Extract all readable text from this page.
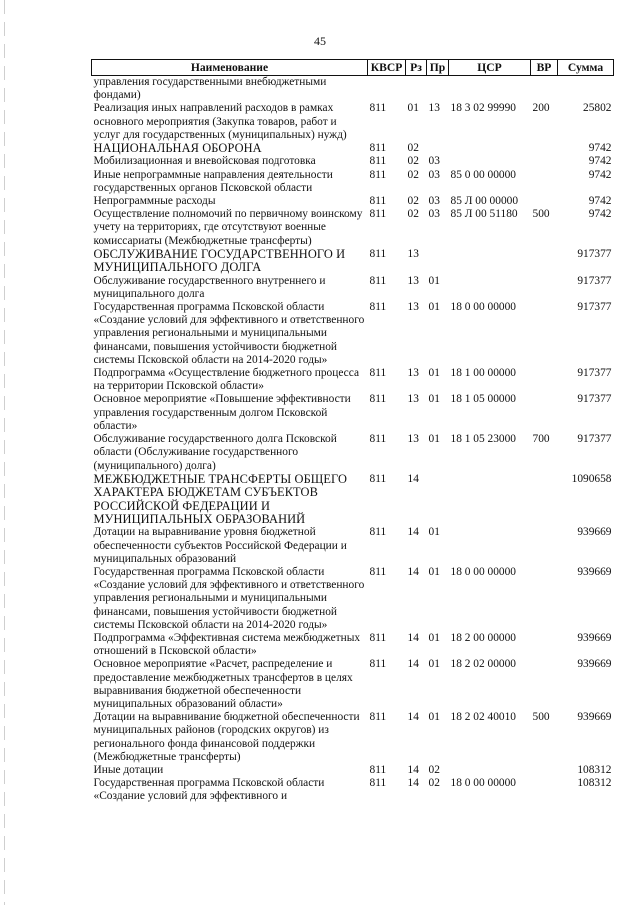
45
Наименование	КВСР	Рз	Пр	ЦСР	ВР	Сумма
управления государственными внебюджетными фондами)						
Реализация иных направлений расходов в рамках основного мероприятия (Закупка товаров, работ и услуг для государственных (муниципальных) нужд)	811	01	13	18 3 02 99990	200	25802
НАЦИОНАЛЬНАЯ ОБОРОНА	811	02				9742
Мобилизационная и вневойсковая подготовка	811	02	03			9742
Иные непрограммные направления деятельности государственных органов Псковской области	811	02	03	85 0 00 00000		9742
Непрограммные расходы	811	02	03	85 Л 00 00000		9742
Осуществление полномочий по первичному воинскому учету на территориях, где отсутствуют военные комиссариаты (Межбюджетные трансферты)	811	02	03	85 Л 00 51180	500	9742
ОБСЛУЖИВАНИЕ ГОСУДАРСТВЕННОГО И МУНИЦИПАЛЬНОГО ДОЛГА	811	13				917377
Обслуживание государственного внутреннего и муниципального долга	811	13	01			917377
Государственная программа Псковской области «Создание условий для эффективного и ответственного управления региональными и муниципальными финансами, повышения устойчивости бюджетной системы Псковской области на 2014-2020 годы»	811	13	01	18 0 00 00000		917377
Подпрограмма «Осуществление бюджетного процесса на территории Псковской области»	811	13	01	18 1 00 00000		917377
Основное мероприятие «Повышение эффективности управления государственным долгом Псковской области»	811	13	01	18 1 05 00000		917377
Обслуживание государственного долга Псковской области (Обслуживание государственного (муниципального) долга)	811	13	01	18 1 05 23000	700	917377
МЕЖБЮДЖЕТНЫЕ ТРАНСФЕРТЫ ОБЩЕГО ХАРАКТЕРА БЮДЖЕТАМ СУБЪЕКТОВ РОССИЙСКОЙ ФЕДЕРАЦИИ И МУНИЦИПАЛЬНЫХ ОБРАЗОВАНИЙ	811	14				1090658
Дотации на выравнивание уровня бюджетной обеспеченности субъектов Российской Федерации и муниципальных образований	811	14	01			939669
Государственная программа Псковской области «Создание условий для эффективного и ответственного управления региональными и муниципальными финансами, повышения устойчивости бюджетной системы Псковской области на 2014-2020 годы»	811	14	01	18 0 00 00000		939669
Подпрограмма «Эффективная система межбюджетных отношений в Псковской области»	811	14	01	18 2 00 00000		939669
Основное мероприятие «Расчет, распределение и предоставление межбюджетных трансфертов в целях выравнивания бюджетной обеспеченности муниципальных образований области»	811	14	01	18 2 02 00000		939669
Дотации на выравнивание бюджетной обеспеченности муниципальных районов (городских округов) из регионального фонда финансовой поддержки (Межбюджетные трансферты)	811	14	01	18 2 02 40010	500	939669
Иные дотации	811	14	02			108312
Государственная программа Псковской области «Создание условий для эффективного и	811	14	02	18 0 00 00000		108312
